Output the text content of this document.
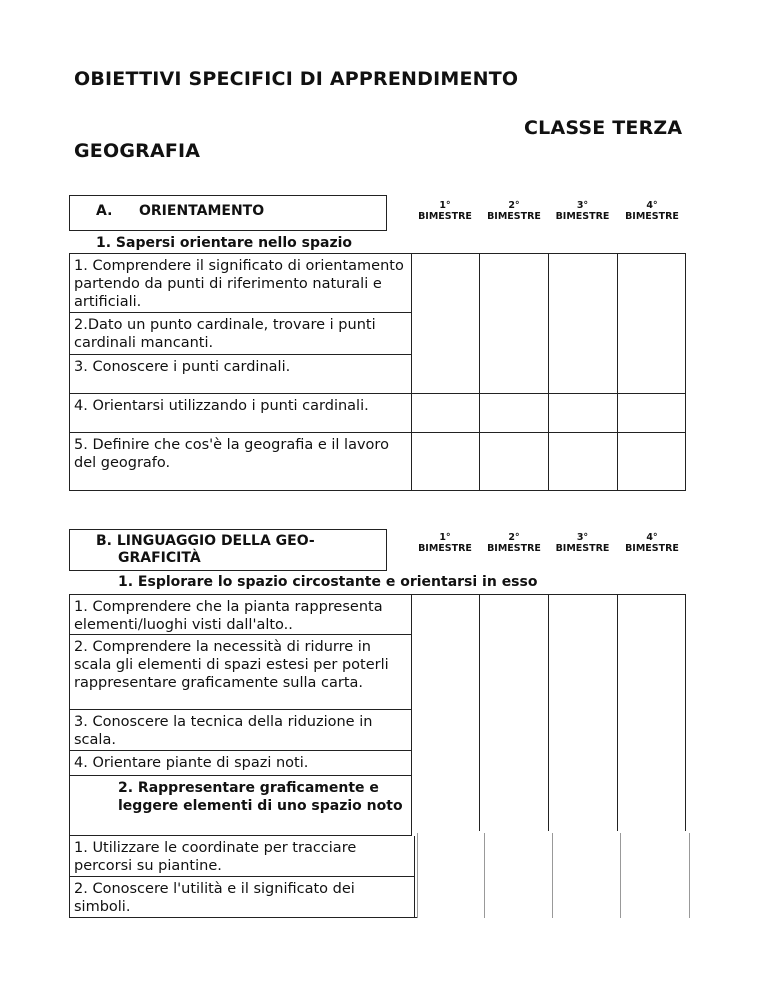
OBIETTIVI SPECIFICI DI APPRENDIMENTO
CLASSE TERZA
GEOGRAFIA
A. ORIENTAMENTO	1°
BIMESTRE
2°
BIMESTRE
3°
BIMESTRE
4°
BIMESTRE
1. Sapersi orientare nello spazio
1. Comprendere il significato di orientamento partendo da punti di riferimento naturali e artificiali.
2.Dato un punto cardinale, trovare i punti cardinali mancanti.
3. Conoscere i punti cardinali.
4. Orientarsi utilizzando i punti cardinali.
5. Definire che cos'è la geografia e il lavoro del geografo.
B. LINGUAGGIO DELLA GEO-
GRAFICITÀ
1°
BIMESTRE
2°
BIMESTRE
3°
BIMESTRE
4°
BIMESTRE
1. Esplorare lo spazio circostante e orientarsi in esso
1. Comprendere che la pianta rappresenta elementi/luoghi visti dall'alto..
2. Comprendere la necessità di ridurre in scala gli elementi di spazi estesi per poterli rappresentare graficamente sulla carta.
3. Conoscere la tecnica della riduzione in scala.
4. Orientare piante di spazi noti.
2. Rappresentare graficamente e leggere elementi di uno spazio noto
1. Utilizzare le coordinate per tracciare percorsi su piantine.
2. Conoscere l'utilità e il significato dei simboli.
